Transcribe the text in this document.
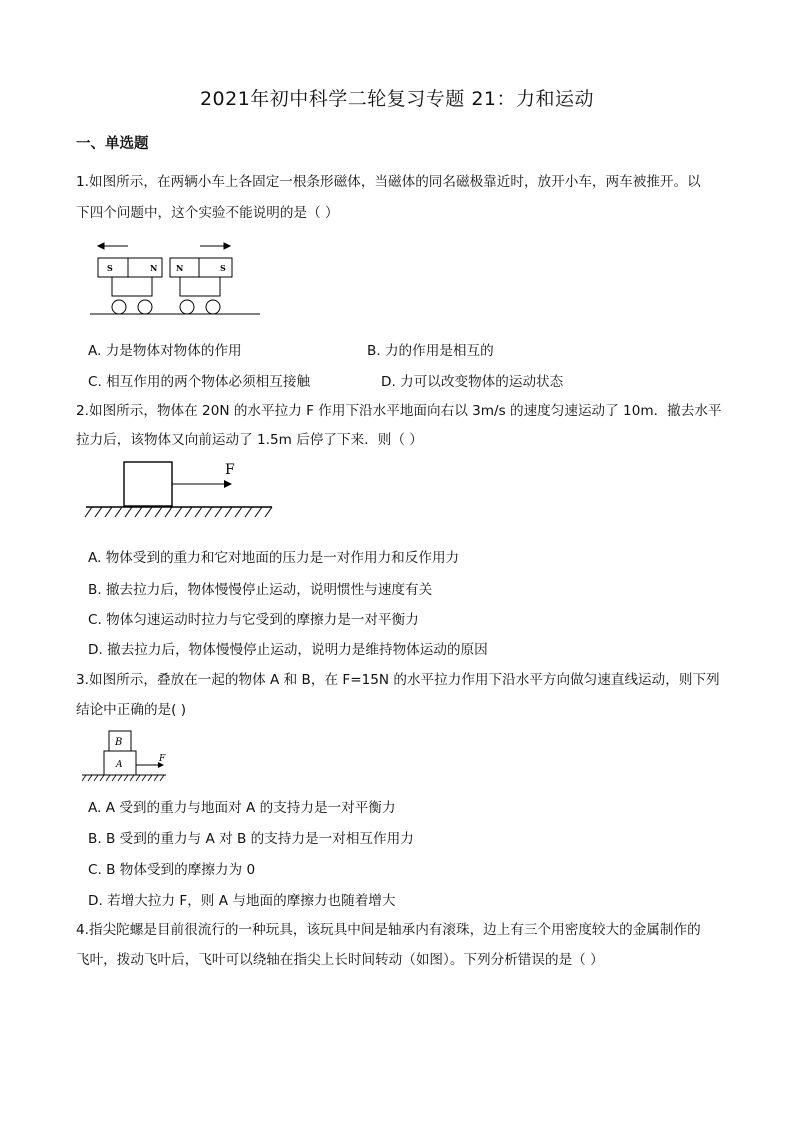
2021年初中科学二轮复习专题 21：力和运动
一、单选题
1.如图所示，在两辆小车上各固定一根条形磁体，当磁体的同名磁极靠近时，放开小车，两车被推开。以
下四个问题中，这个实验不能说明的是（ ）
S	N N	S
A. 力是物体对物体的作用	B. 力的作用是相互的
C. 相互作用的两个物体必须相互接触	D. 力可以改变物体的运动状态
2.如图所示，物体在 20N 的水平拉力 F 作用下沿水平地面向右以 3m/s 的速度匀速运动了 10m．撤去水平
拉力后，该物体又向前运动了 1.5m 后停了下来．则（ ）
F
A. 物体受到的重力和它对地面的压力是一对作用力和反作用力
B. 撤去拉力后，物体慢慢停止运动，说明惯性与速度有关
C. 物体匀速运动时拉力与它受到的摩擦力是一对平衡力
D. 撤去拉力后，物体慢慢停止运动，说明力是维持物体运动的原因
3.如图所示，叠放在一起的物体 A 和 B，在 F=15N 的水平拉力作用下沿水平方向做匀速直线运动，则下列
结论中正确的是( )
B
A
F
A. A 受到的重力与地面对 A 的支持力是一对平衡力
B. B 受到的重力与 A 对 B 的支持力是一对相互作用力
C. B 物体受到的摩擦力为 0
D. 若增大拉力 F，则 A 与地面的摩擦力也随着增大
4.指尖陀螺是目前很流行的一种玩具，该玩具中间是轴承内有滚珠，边上有三个用密度较大的金属制作的
飞叶，拨动飞叶后，飞叶可以绕轴在指尖上长时间转动（如图）。下列分析错误的是（ ）
